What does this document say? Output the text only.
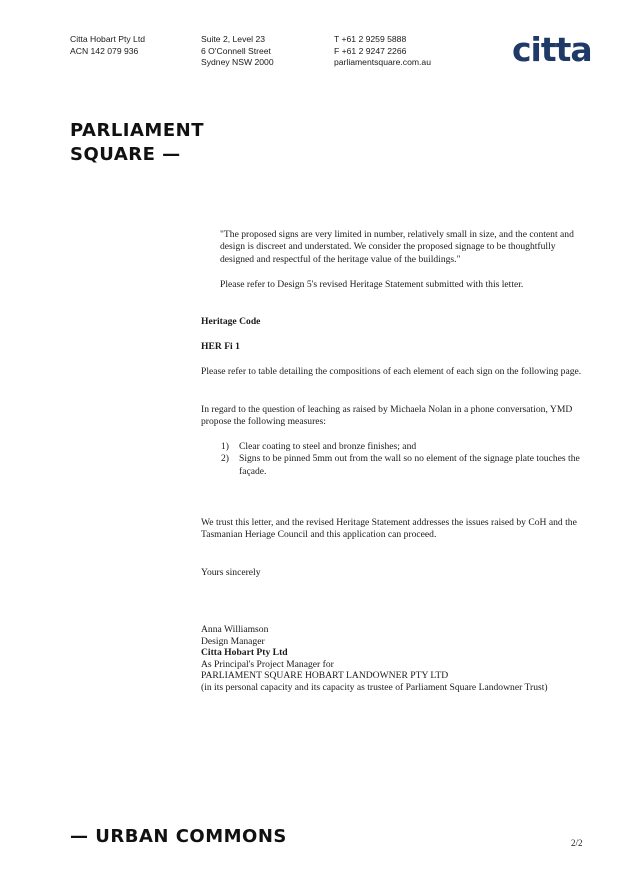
Citta Hobart Pty Ltd
ACN 142 079 936
Suite 2, Level 23
6 O'Connell Street
Sydney NSW 2000
T +61 2 9259 5888
F +61 2 9247 2266
parliamentsquare.com.au citta
PARLIAMENT
SQUARE —
"The proposed signs are very limited in number, relatively small in size, and the content and design is discreet and understated. We consider the proposed signage to be thoughtfully designed and respectful of the heritage value of the buildings."
Please refer to Design 5's revised Heritage Statement submitted with this letter.
Heritage Code
HER Fi 1
Please refer to table detailing the compositions of each element of each sign on the following page.
In regard to the question of leaching as raised by Michaela Nolan in a phone conversation, YMD propose the following measures:
1)	Clear coating to steel and bronze finishes; and
2)	Signs to be pinned 5mm out from the wall so no element of the signage plate touches the façade.
We trust this letter, and the revised Heritage Statement addresses the issues raised by CoH and the Tasmanian Heriage Council and this application can proceed.
Yours sincerely
Anna Williamson
Design Manager
Citta Hobart Pty Ltd
As Principal's Project Manager for
PARLIAMENT SQUARE HOBART LANDOWNER PTY LTD
(in its personal capacity and its capacity as trustee of Parliament Square Landowner Trust)
— URBAN COMMONS	2/2
